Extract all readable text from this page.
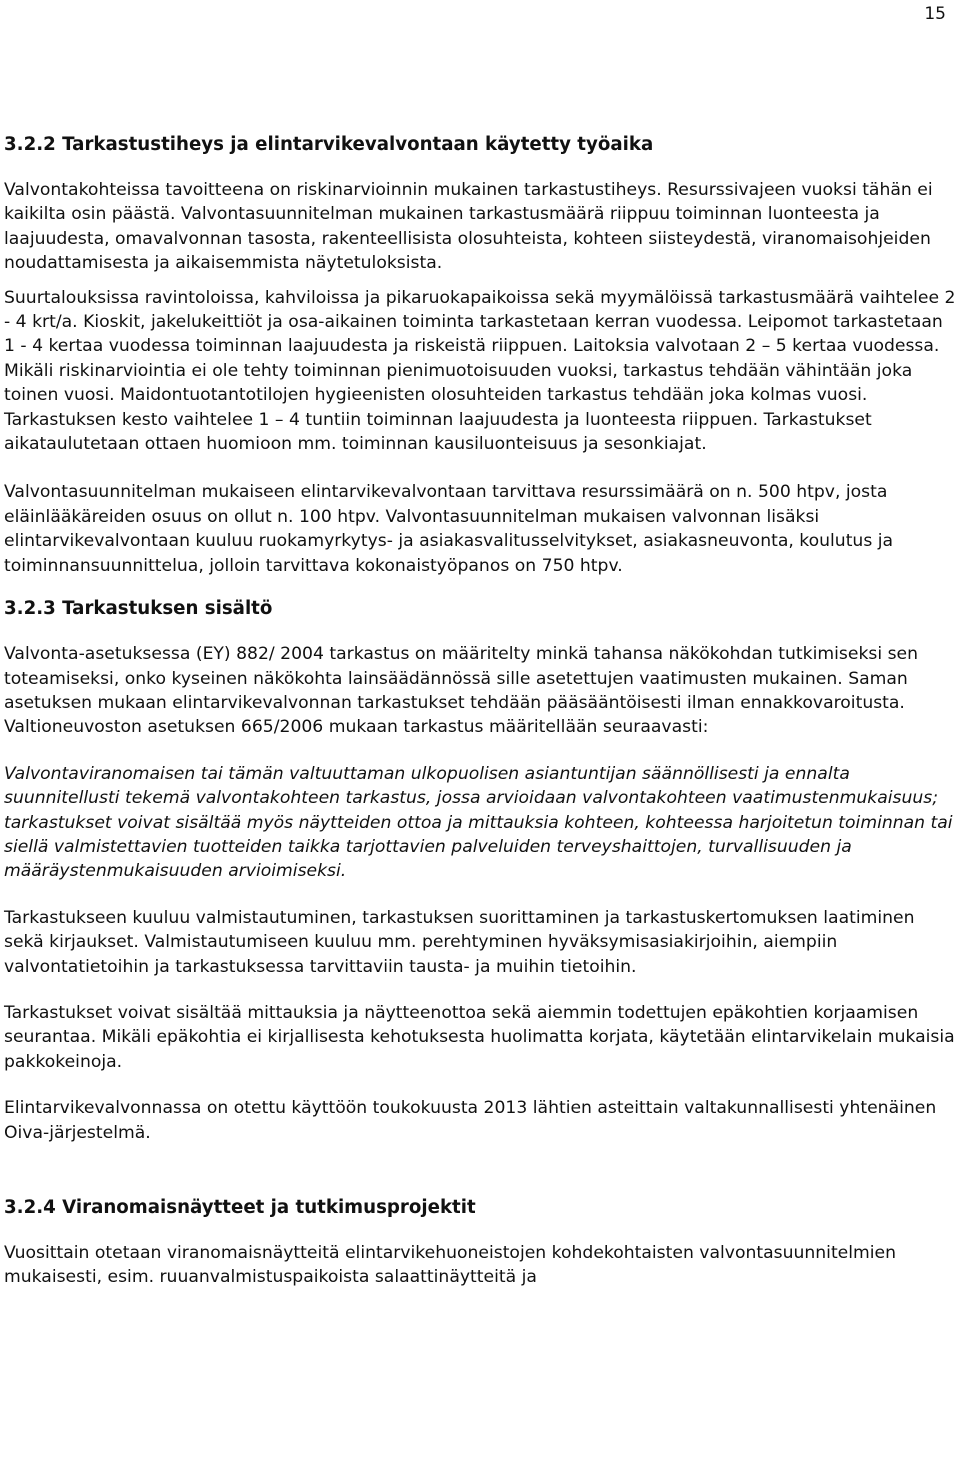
15
3.2.2 Tarkastustiheys ja elintarvikevalvontaan käytetty työaika

Valvontakohteissa tavoitteena on riskinarvioinnin mukainen tarkastustiheys. Resurssivajeen vuoksi tähän ei kaikilta osin päästä. Valvontasuunnitelman mukainen tarkastusmäärä riippuu toiminnan luonteesta ja laajuudesta, omavalvonnan tasosta, rakenteellisista olosuhteista, kohteen siisteydestä, viranomaisohjeiden noudattamisesta ja aikaisemmista näytetuloksista.

Suurtalouksissa ravintoloissa, kahviloissa ja pikaruokapaikoissa sekä myymälöissä tarkastusmäärä vaihtelee 2 - 4 krt/a. Kioskit, jakelukeittiöt ja osa-aikainen toiminta tarkastetaan kerran vuodessa. Leipomot tarkastetaan 1 - 4 kertaa vuodessa toiminnan laajuudesta ja riskeistä riippuen. Laitoksia valvotaan 2 – 5 kertaa vuodessa. Mikäli riskinarviointia ei ole tehty toiminnan pienimuotoisuuden vuoksi, tarkastus tehdään vähintään joka toinen vuosi. Maidontuotantotilojen hygieenisten olosuhteiden tarkastus tehdään joka kolmas vuosi. Tarkastuksen kesto vaihtelee 1 – 4 tuntiin toiminnan laajuudesta ja luonteesta riippuen. Tarkastukset aikataulutetaan ottaen huomioon mm. toiminnan kausiluonteisuus ja sesonkiajat.

Valvontasuunnitelman mukaiseen elintarvikevalvontaan tarvittava resurssimäärä on n. 500 htpv, josta eläinlääkäreiden osuus on ollut n. 100 htpv. Valvontasuunnitelman mukaisen valvonnan lisäksi elintarvikevalvontaan kuuluu ruokamyrkytys- ja asiakasvalitusselvitykset, asiakasneuvonta, koulutus ja toiminnansuunnittelua, jolloin tarvittava kokonaistyöpanos on 750 htpv.

3.2.3 Tarkastuksen sisältö

Valvonta-asetuksessa (EY) 882/ 2004 tarkastus on määritelty minkä tahansa näkökohdan tutkimiseksi sen toteamiseksi, onko kyseinen näkökohta lainsäädännössä sille asetettujen vaatimusten mukainen. Saman asetuksen mukaan elintarvikevalvonnan tarkastukset tehdään pääsääntöisesti ilman ennakkovaroitusta.

Valtioneuvoston asetuksen 665/2006 mukaan tarkastus määritellään seuraavasti:

Valvontaviranomaisen tai tämän valtuuttaman ulkopuolisen asiantuntijan säännöllisesti ja ennalta suunnitellusti tekemä valvontakohteen tarkastus, jossa arvioidaan valvontakohteen vaatimustenmukaisuus; tarkastukset voivat sisältää myös näytteiden ottoa ja mittauksia kohteen, kohteessa harjoitetun toiminnan tai siellä valmistettavien tuotteiden taikka tarjottavien palveluiden terveyshaittojen, turvallisuuden ja määräystenmukaisuuden arvioimiseksi.

Tarkastukseen kuuluu valmistautuminen, tarkastuksen suorittaminen ja tarkastuskertomuksen laatiminen sekä kirjaukset. Valmistautumiseen kuuluu mm. perehtyminen hyväksymisasiakirjoihin, aiempiin valvontatietoihin ja tarkastuksessa tarvittaviin tausta- ja muihin tietoihin.

Tarkastukset voivat sisältää mittauksia ja näytteenottoa sekä aiemmin todettujen epäkohtien korjaamisen seurantaa. Mikäli epäkohtia ei kirjallisesta kehotuksesta huolimatta korjata, käytetään elintarvikelain mukaisia pakkokeinoja.

Elintarvikevalvonnassa on otettu käyttöön toukokuusta 2013 lähtien asteittain valtakunnallisesti yhtenäinen Oiva-järjestelmä.

3.2.4 Viranomaisnäytteet ja tutkimusprojektit

Vuosittain otetaan viranomaisnäytteitä elintarvikehuoneistojen kohdekohtaisten valvontasuunnitelmien mukaisesti, esim. ruuanvalmistuspaikoista salaattinäytteitä ja
